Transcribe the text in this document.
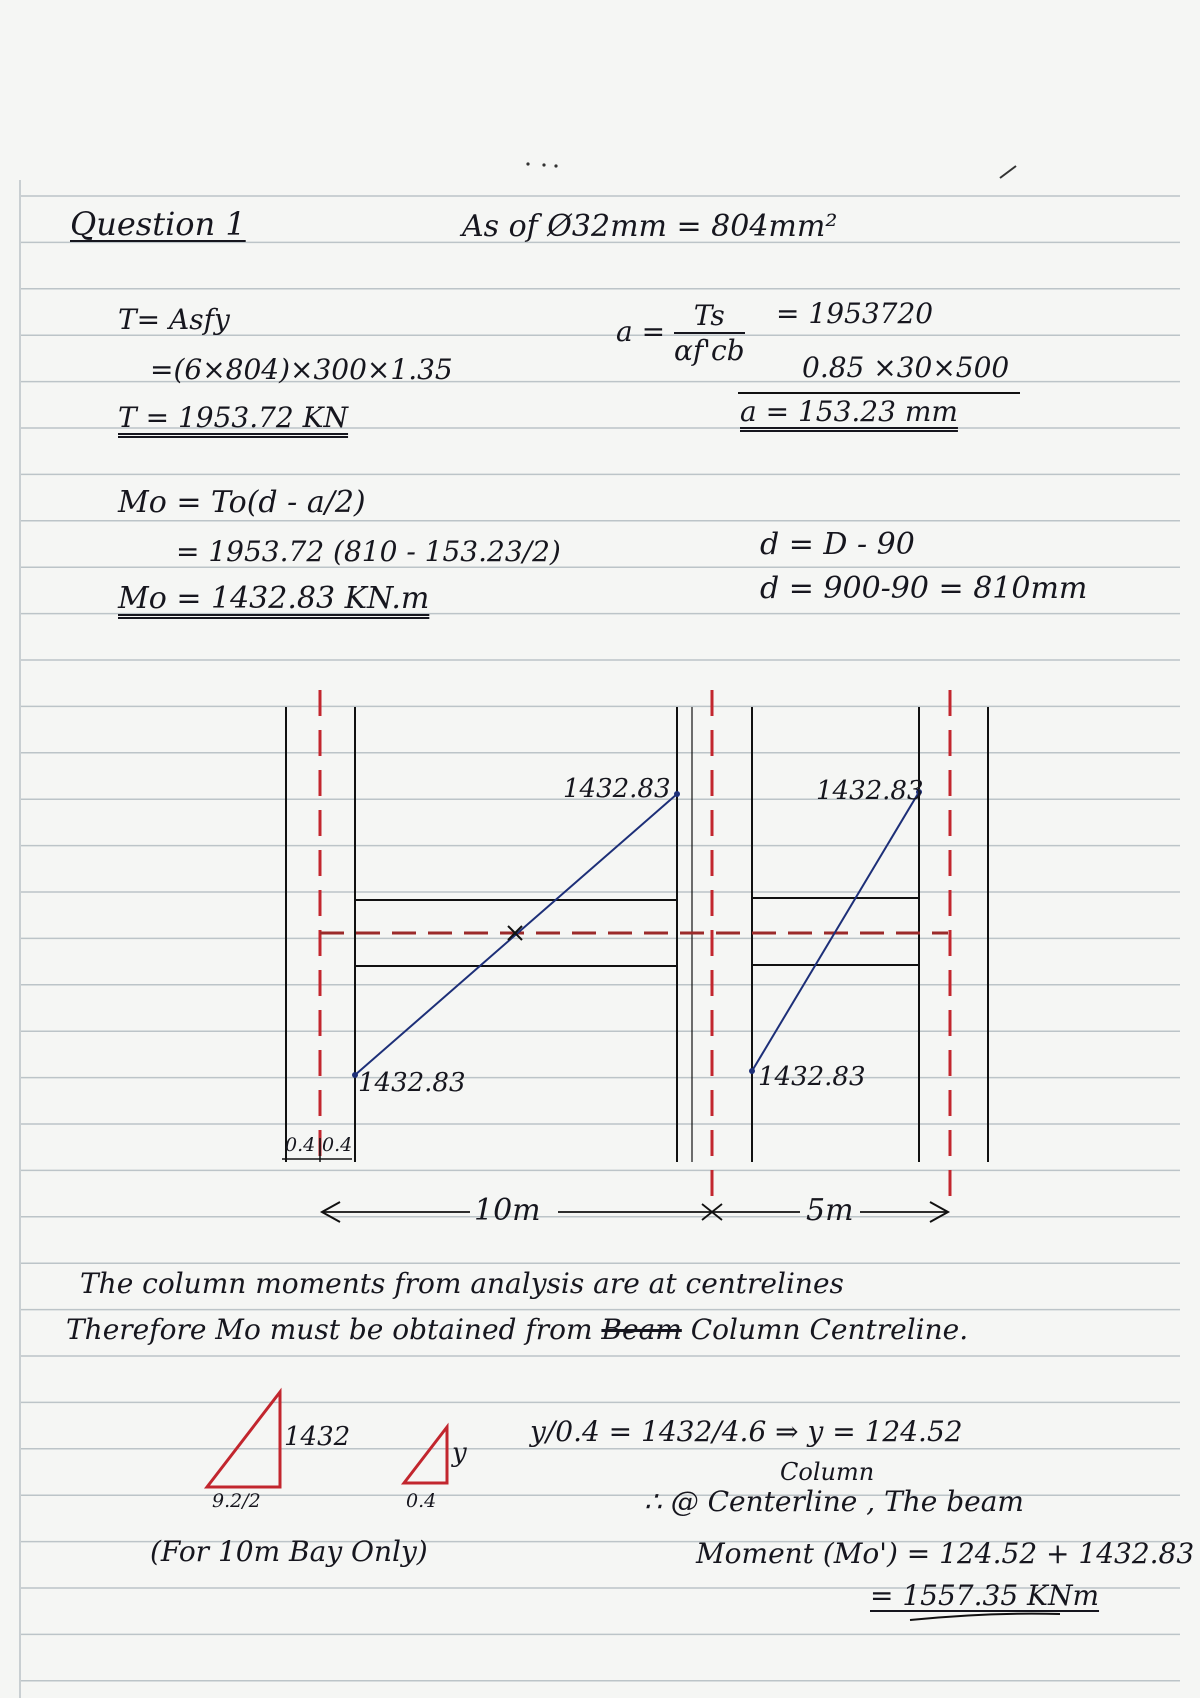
Question 1	As of Ø32mm = 804mm²
T= Asfy
=(6×804)×300×1.35
T = 1953.72 KN
$a = \frac{Ts}{\alpha f'cb} = 1953720$
0.85 ×30×500
a = 153.23 mm
Mo = To(d - a/2)
= 1953.72 (810 - 153.23/2)
Mo = 1432.83 KN.m
d = D - 90
d = 900-90 = 810mm
1432.83	1432.83
1432.83	1432.83
0.4 0.4
10m	5m
The column moments from analysis are at centrelines
Therefore Mo must be obtained from Beam Column Centreline.
1432
9.2/2
y
0.4
y/0.4 = 1432/4.6 ⇒ y = 124.52
(For 10m Bay Only)
Column
∴ @ Centerline , The beam
Moment (Mo') = 124.52 + 1432.83
= 1557.35 KNm
